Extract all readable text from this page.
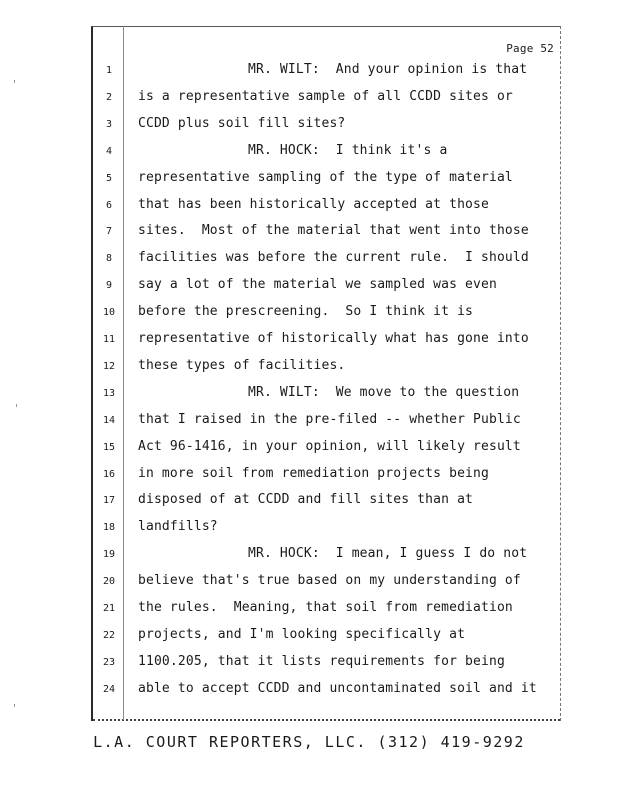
Page 52
1	MR. WILT:  And your opinion is that
2	is a representative sample of all CCDD sites or
3	CCDD plus soil fill sites?
4	MR. HOCK:  I think it's a
5	representative sampling of the type of material
6	that has been historically accepted at those
7	sites.  Most of the material that went into those
8	facilities was before the current rule.  I should
9	say a lot of the material we sampled was even
10	before the prescreening.  So I think it is
11	representative of historically what has gone into
12	these types of facilities.
13	MR. WILT:  We move to the question
14	that I raised in the pre-filed -- whether Public
15	Act 96-1416, in your opinion, will likely result
16	in more soil from remediation projects being
17	disposed of at CCDD and fill sites than at
18	landfills?
19	MR. HOCK:  I mean, I guess I do not
20	believe that's true based on my understanding of
21	the rules.  Meaning, that soil from remediation
22	projects, and I'm looking specifically at
23	1100.205, that it lists requirements for being
24	able to accept CCDD and uncontaminated soil and it
L.A. COURT REPORTERS, LLC. (312) 419-9292
